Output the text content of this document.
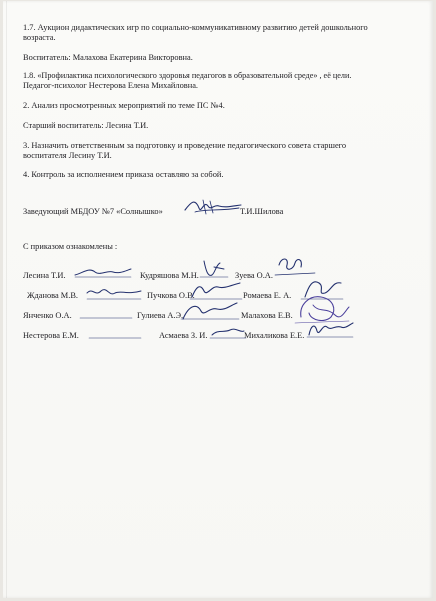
1.7. Аукцион дидактических игр по социально-коммуникативному развитию детей дошкольного
возраста.
Воспитатель: Малахова Екатерина Викторовна.
1.8. «Профилактика психологического здоровья педагогов в образовательной среде» , её цели.
Педагог-психолог Нестерова Елена Михайловна.
2. Анализ просмотренных мероприятий по теме ПС №4.
Старший воспитатель: Лесина Т.И.
3. Назначить ответственным за подготовку и проведение педагогического совета старшего
воспитателя Лесину Т.И.
4. Контроль за исполнением приказа оставляю за собой.
Заведующий МБДОУ №7 «Солнышко»	Т.И.Шилова
С приказом ознакомлены :
Лесина Т.И.	Кудряшова М.Н.	Зуева О.А.
Жданова М.В.	Пучкова О.В.	Ромаева Е. А.
Янченко О.А.	Гулиева А.Э.	Малахова Е.В.
Нестерова Е.М.	Асмаева З. И.	Михаликова Е.Е.
